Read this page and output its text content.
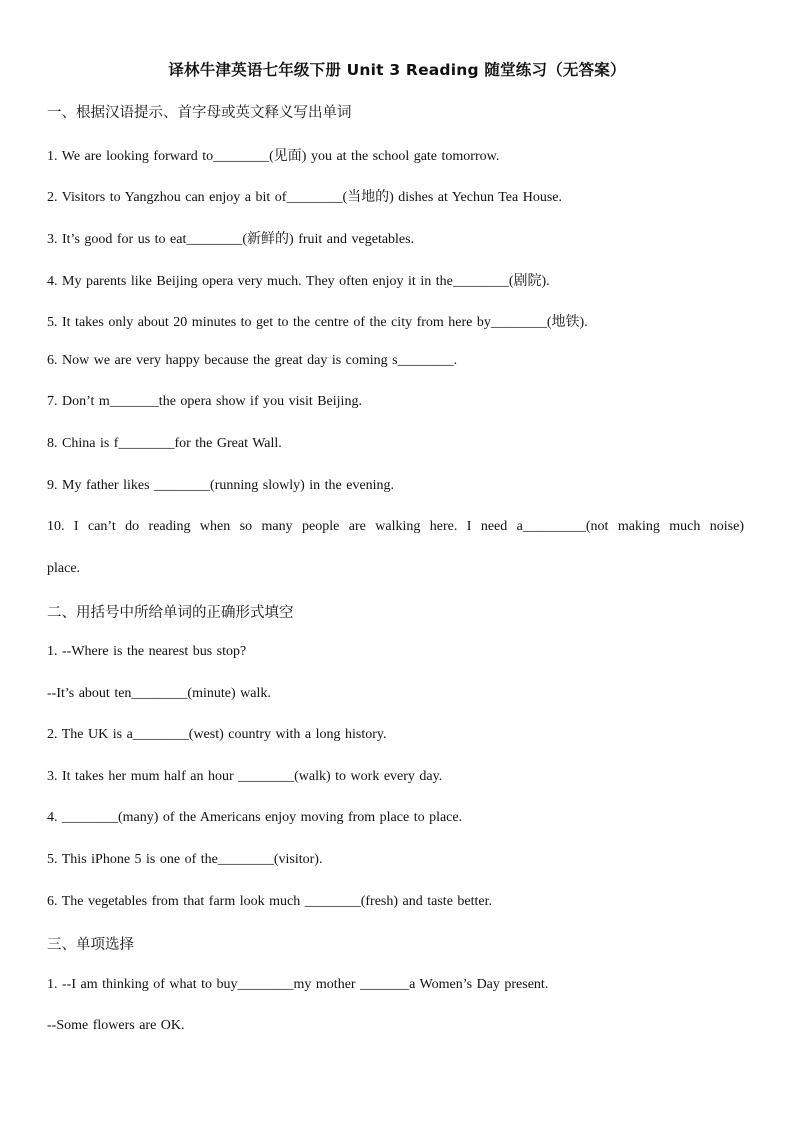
译林牛津英语七年级下册 Unit 3 Reading 随堂练习（无答案）
一、根据汉语提示、首字母或英文释义写出单词
1. We are looking forward to________(见面) you at the school gate tomorrow.
2. Visitors to Yangzhou can enjoy a bit of________(当地的) dishes at Yechun Tea House.
3. It’s good for us to eat________(新鲜的) fruit and vegetables.
4. My parents like Beijing opera very much. They often enjoy it in the________(剧院).
5. It takes only about 20 minutes to get to the centre of the city from here by________(地铁).
6. Now we are very happy because the great day is coming s________.
7. Don’t m_______the opera show if you visit Beijing.
8. China is f________for the Great Wall.
9. My father likes ________(running slowly) in the evening.
10. I can’t do reading when so many people are walking here. I need a_________(not making much noise)
place.
二、用括号中所给单词的正确形式填空
1. --Where is the nearest bus stop?
--It’s about ten________(minute) walk.
2. The UK is a________(west) country with a long history.
3. It takes her mum half an hour ________(walk) to work every day.
4. ________(many) of the Americans enjoy moving from place to place.
5. This iPhone 5 is one of the________(visitor).
6. The vegetables from that farm look much ________(fresh) and taste better.
三、单项选择
1. --I am thinking of what to buy________my mother _______a Women’s Day present.
--Some flowers are OK.
